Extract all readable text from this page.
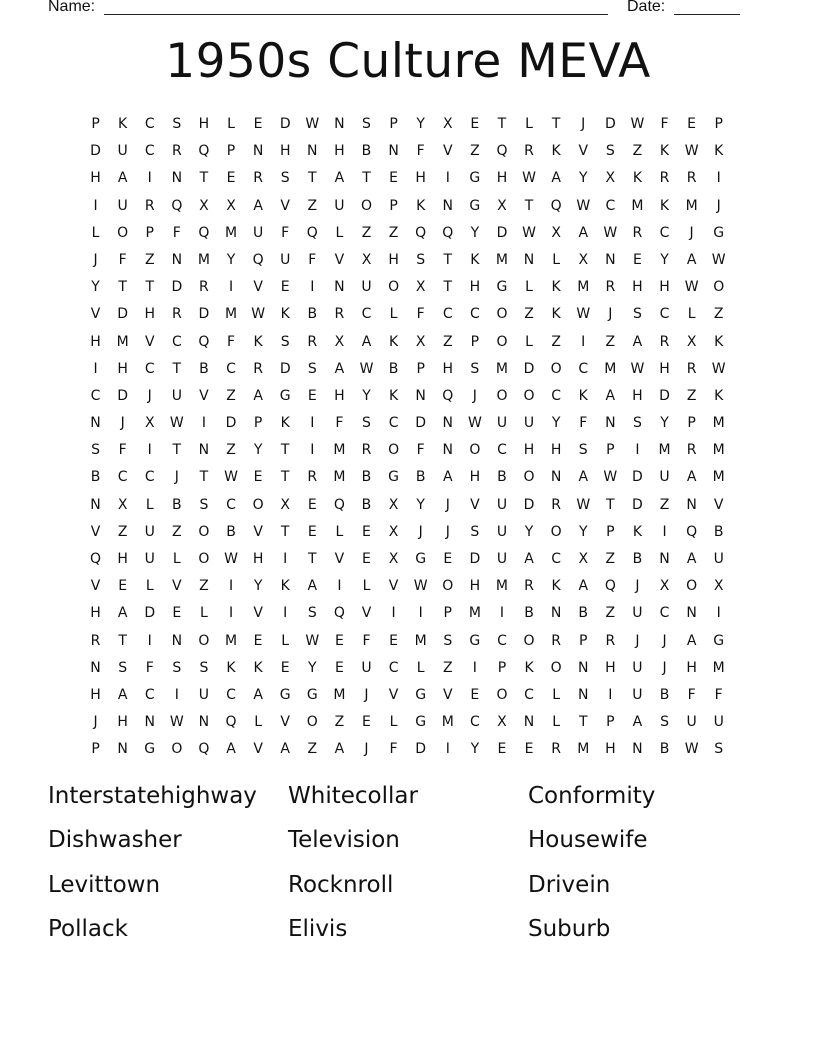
Name:	Date:
1950s Culture MEVA
P	K	C	S	H	L	E	D	W	N	S	P	Y	X	E	T	L	T	J	D	W	F	E	P
D	U	C	R	Q	P	N	H	N	H	B	N	F	V	Z	Q	R	K	V	S	Z	K	W	K
H	A	I	N	T	E	R	S	T	A	T	E	H	I	G	H	W	A	Y	X	K	R	R	I
I	U	R	Q	X	X	A	V	Z	U	O	P	K	N	G	X	T	Q	W	C	M	K	M	J
L	O	P	F	Q	M	U	F	Q	L	Z	Z	Q	Q	Y	D	W	X	A	W	R	C	J	G
J	F	Z	N	M	Y	Q	U	F	V	X	H	S	T	K	M	N	L	X	N	E	Y	A	W
Y	T	T	D	R	I	V	E	I	N	U	O	X	T	H	G	L	K	M	R	H	H	W	O
V	D	H	R	D	M	W	K	B	R	C	L	F	C	C	O	Z	K	W	J	S	C	L	Z
H	M	V	C	Q	F	K	S	R	X	A	K	X	Z	P	O	L	Z	I	Z	A	R	X	K
I	H	C	T	B	C	R	D	S	A	W	B	P	H	S	M	D	O	C	M	W	H	R	W
C	D	J	U	V	Z	A	G	E	H	Y	K	N	Q	J	O	O	C	K	A	H	D	Z	K
N	J	X	W	I	D	P	K	I	F	S	C	D	N	W	U	U	Y	F	N	S	Y	P	M
S	F	I	T	N	Z	Y	T	I	M	R	O	F	N	O	C	H	H	S	P	I	M	R	M
B	C	C	J	T	W	E	T	R	M	B	G	B	A	H	B	O	N	A	W	D	U	A	M
N	X	L	B	S	C	O	X	E	Q	B	X	Y	J	V	U	D	R	W	T	D	Z	N	V
V	Z	U	Z	O	B	V	T	E	L	E	X	J	J	S	U	Y	O	Y	P	K	I	Q	B
Q	H	U	L	O	W	H	I	T	V	E	X	G	E	D	U	A	C	X	Z	B	N	A	U
V	E	L	V	Z	I	Y	K	A	I	L	V	W	O	H	M	R	K	A	Q	J	X	O	X
H	A	D	E	L	I	V	I	S	Q	V	I	I	P	M	I	B	N	B	Z	U	C	N	I
R	T	I	N	O	M	E	L	W	E	F	E	M	S	G	C	O	R	P	R	J	J	A	G
N	S	F	S	S	K	K	E	Y	E	U	C	L	Z	I	P	K	O	N	H	U	J	H	M
H	A	C	I	U	C	A	G	G	M	J	V	G	V	E	O	C	L	N	I	U	B	F	F
J	H	N	W	N	Q	L	V	O	Z	E	L	G	M	C	X	N	L	T	P	A	S	U	U
P	N	G	O	Q	A	V	A	Z	A	J	F	D	I	Y	E	E	R	M	H	N	B	W	S
Interstatehighway	Whitecollar	Conformity
Dishwasher	Television	Housewife
Levittown	Rocknroll	Drivein
Pollack	Elivis	Suburb
